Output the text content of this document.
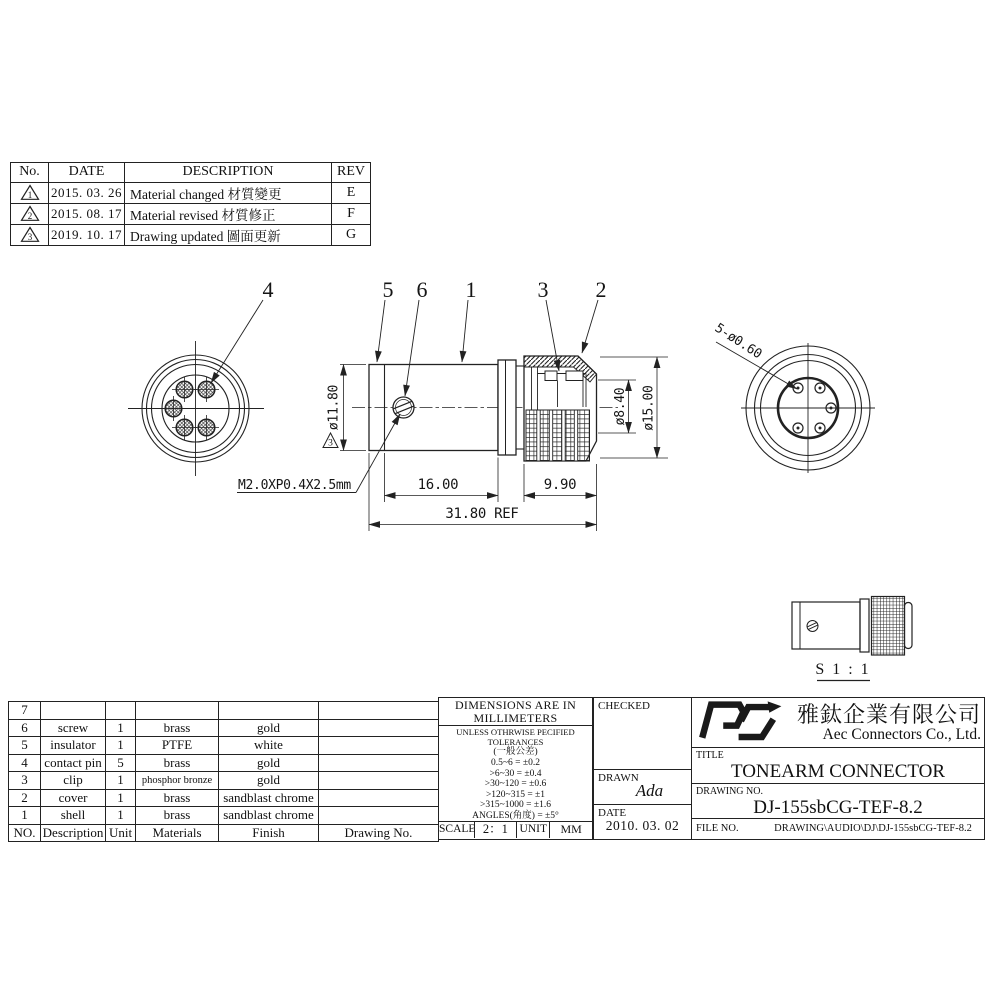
4	5 6 1	3 2
ø11.80
3
M2.0XP0.4X2.5mm	16.00	9.90
31.80 REF
ø8.40 ø15.00
5-ø0.60
S 1 : 1
No.	DATE	DESCRIPTION	REV

1	2015. 03. 26	Material changed 材質變更	E

2	2015. 08. 17	Material revised 材質修正	F

3	2019. 10. 17	Drawing updated 圖面更新	G
7					
6	screw	1	brass	gold	
5	insulator	1	PTFE	white	
4	contact pin	5	brass	gold	
3	clip	1	phosphor bronze	gold	
2	cover	1	brass	sandblast chrome	
1	shell	1	brass	sandblast chrome	
NO.	Description	Unit	Materials	Finish	Drawing No.
DIMENSIONS ARE IN
MILLIMETERS
UNLESS OTHRWISE PECIFIED
TOLERANCES
(一般公差)
0.5~6 = ±0.2
>6~30 = ±0.4
>30~120 = ±0.6
>120~315 = ±1
>315~1000 = ±1.6
ANGLES(角度) = ±5°
SCALE 2：1	UNIT	MM
CHECKED
DRAWN
Ada
DATE
2010. 03. 02
雅鈦企業有限公司
Aec Connectors Co., Ltd.
TITLE
TONEARM CONNECTOR
DRAWING NO.
DJ-155sbCG-TEF-8.2
FILE NO.	DRAWING\AUDIO\DJ\DJ-155sbCG-TEF-8.2
